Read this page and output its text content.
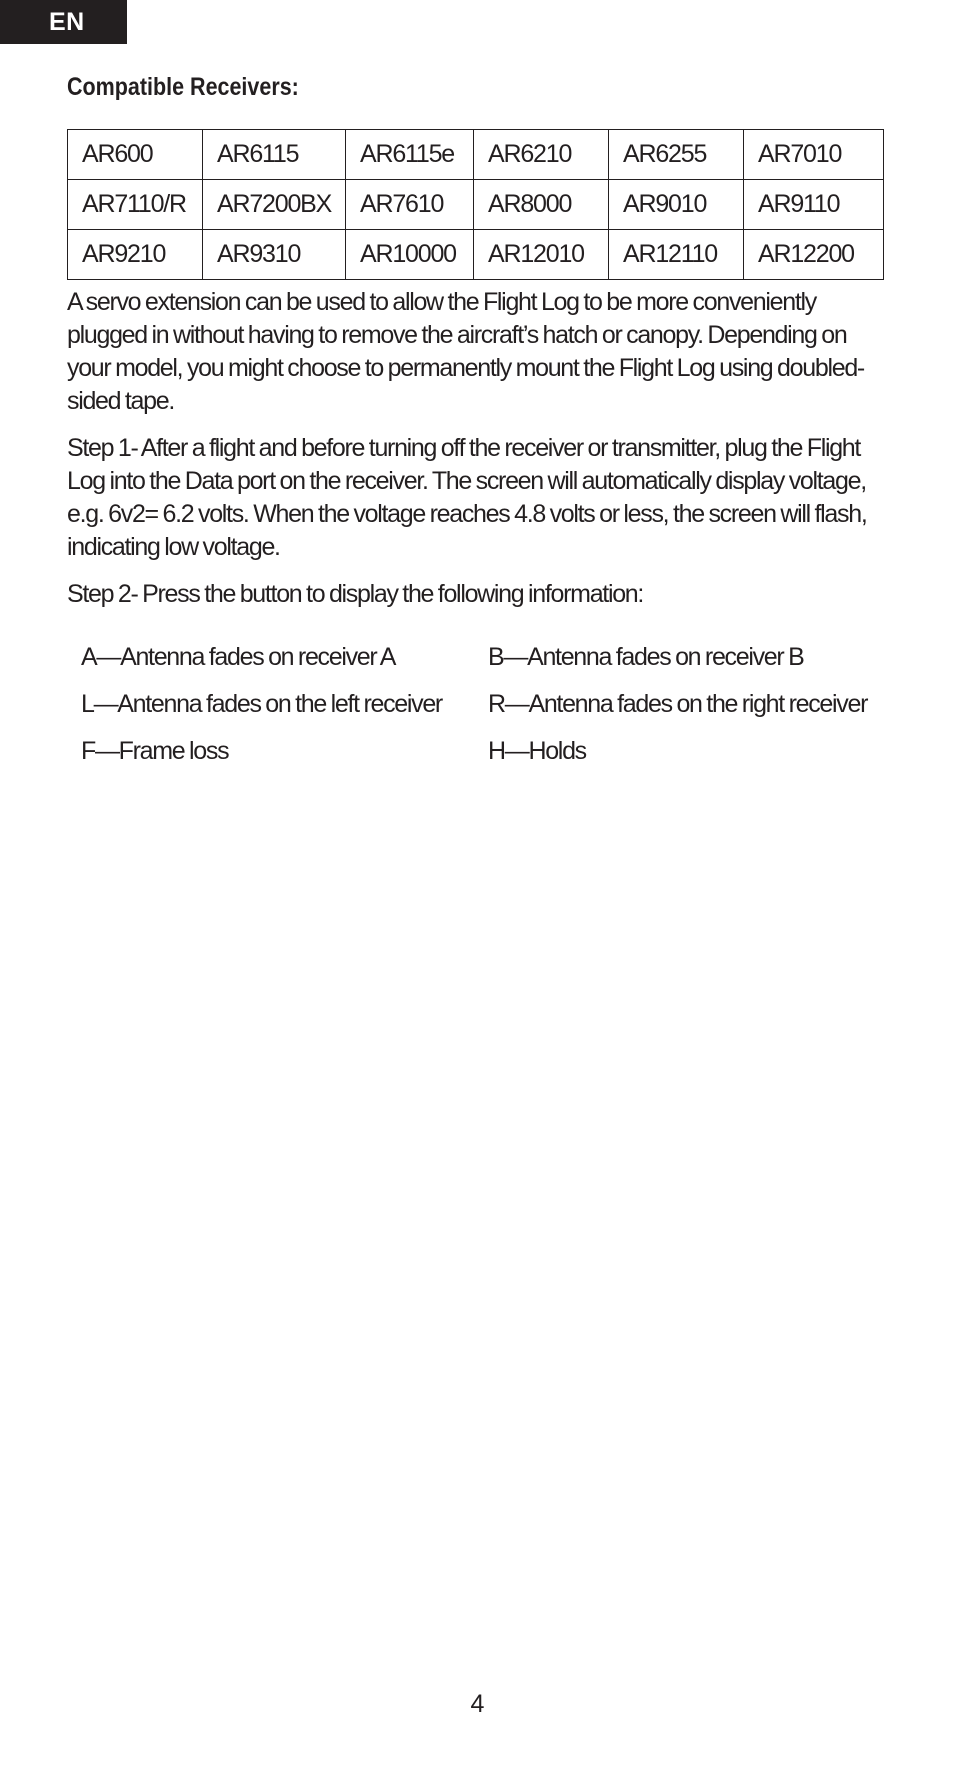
EN
Compatible Receivers:
AR600	AR6115	AR6115e	AR6210	AR6255	AR7010
AR7110/R	AR7200BX	AR7610	AR8000	AR9010	AR9110
AR9210	AR9310	AR10000	AR12010	AR12110	AR12200

A servo extension can be used to allow the Flight Log to be more conveniently plugged in without having to remove the aircraft’s hatch or canopy. Depending on your model, you might choose to permanently mount the Flight Log using doubled-sided tape.

Step 1- After a flight and before turning off the receiver or transmitter, plug the Flight Log into the Data port on the receiver. The screen will automatically display voltage, e.g. 6v2= 6.2 volts. When the voltage reaches 4.8 volts or less, the screen will flash, indicating low voltage.

Step 2- Press the button to display the following information:

A—Antenna fades on receiver A	B—Antenna fades on receiver B
L—Antenna fades on the left receiver	R—Antenna fades on the right receiver
F—Frame loss	H—Holds
4
